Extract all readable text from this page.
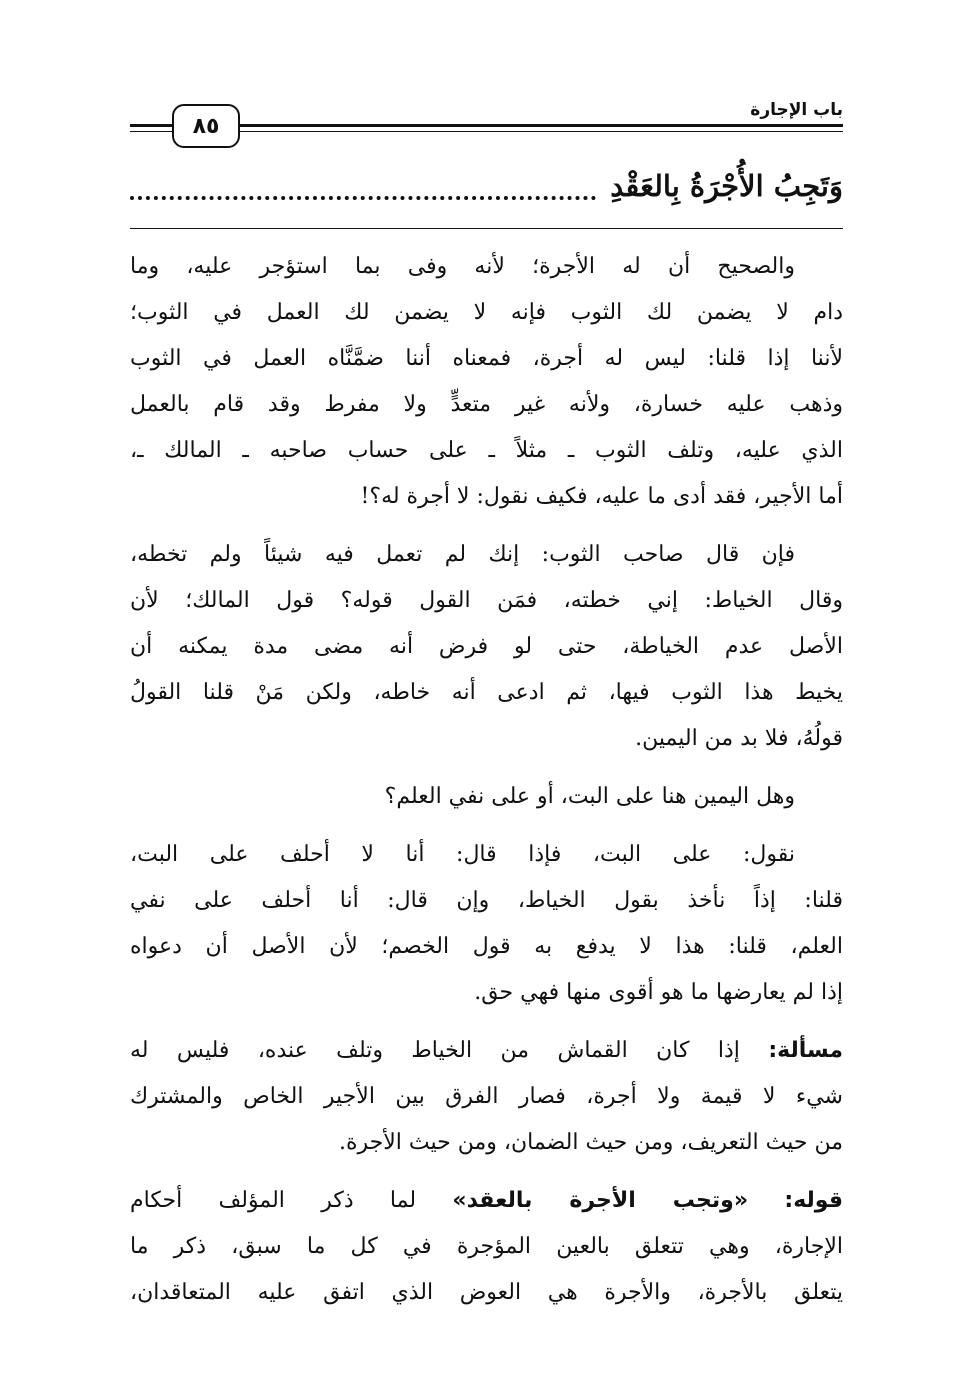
٨٥
باب الإجارة
وَتَجِبُ الأُجْرَةُ بِالعَقْدِ
والصحيح أن له الأجرة؛ لأنه وفى بما استؤجر عليه، وما
دام لا يضمن لك الثوب فإنه لا يضمن لك العمل في الثوب؛
لأننا إذا قلنا: ليس له أجرة، فمعناه أننا ضمَّنَّاه العمل في الثوب
وذهب عليه خسارة، ولأنه غير متعدٍّ ولا مفرط وقد قام بالعمل
الذي عليه، وتلف الثوب ـ مثلاً ـ على حساب صاحبه ـ المالك ـ،
أما الأجير، فقد أدى ما عليه، فكيف نقول: لا أجرة له؟!
فإن قال صاحب الثوب: إنك لم تعمل فيه شيئاً ولم تخطه،
وقال الخياط: إني خطته، فمَن القول قوله؟ قول المالك؛ لأن
الأصل عدم الخياطة، حتى لو فرض أنه مضى مدة يمكنه أن
يخيط هذا الثوب فيها، ثم ادعى أنه خاطه، ولكن مَنْ قلنا القولُ
قولُهُ، فلا بد من اليمين.
وهل اليمين هنا على البت، أو على نفي العلم؟
نقول: على البت، فإذا قال: أنا لا أحلف على البت،
قلنا: إذاً نأخذ بقول الخياط، وإن قال: أنا أحلف على نفي
العلم، قلنا: هذا لا يدفع به قول الخصم؛ لأن الأصل أن دعواه
إذا لم يعارضها ما هو أقوى منها فهي حق.
مسألة: إذا كان القماش من الخياط وتلف عنده، فليس له
شيء لا قيمة ولا أجرة، فصار الفرق بين الأجير الخاص والمشترك
من حيث التعريف، ومن حيث الضمان، ومن حيث الأجرة.
قوله: «وتجب الأجرة بالعقد» لما ذكر المؤلف أحكام
الإجارة، وهي تتعلق بالعين المؤجرة في كل ما سبق، ذكر ما
يتعلق بالأجرة، والأجرة هي العوض الذي اتفق عليه المتعاقدان،
